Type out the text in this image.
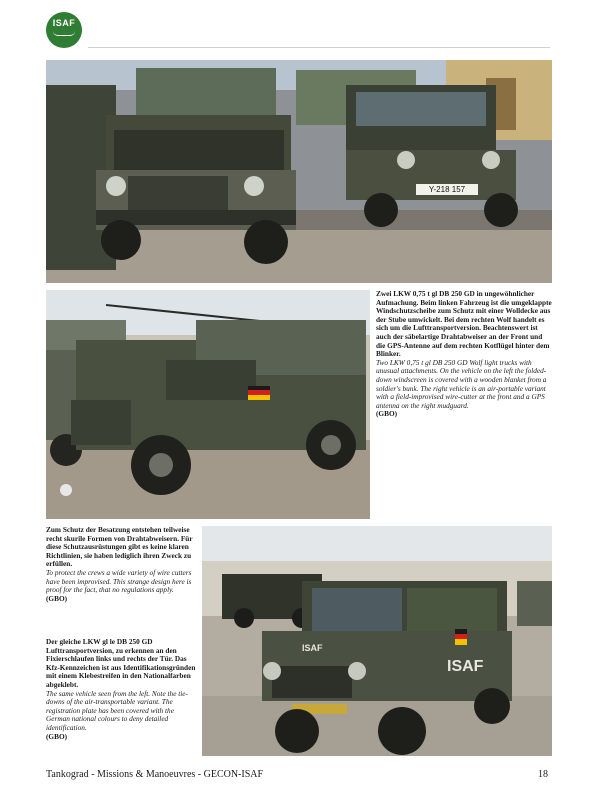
ISAF
Y-218 157
ISAF
ISAF

Zwei LKW 0,75 t gl DB 250 GD in ungewöhnlicher Aufmachung. Beim linken Fahrzeug ist die umgeklappte Windschutzscheibe zum Schutz mit einer Wolldecke aus der Stube umwickelt. Bei dem rechten Wolf handelt es sich um die Lufttransportversion. Beachtenswert ist auch der säbelartige Drahtabweiser an der Front und die GPS-Antenne auf dem rechten Kotflügel hinter dem Blinker.

Two LKW 0,75 t gl DB 250 GD Wolf light trucks with unusual attachments. On the vehicle on the left the folded-down windscreen is covered with a wooden blanket from a soldier's bunk. The right vehicle is an air-portable variant with a field-improvised wire-cutter at the front and a GPS antenna on the right mudguard.

(GBO)

Zum Schutz der Besatzung entstehen teilweise recht skurile Formen von Drahtabweisern. Für diese Schutzausrüstungen gibt es keine klaren Richtlinien, sie haben lediglich ihren Zweck zu erfüllen.

To protect the crews a wide variety of wire cutters have been improvised. This strange design here is proof for the fact, that no regulations apply.

(GBO)

Der gleiche LKW gl le DB 250 GD Lufttransportversion, zu erkennen an den Fixierschlaufen links und rechts der Tür. Das Kfz-Kennzeichen ist aus Identifikationsgründen mit einem Klebestreifen in den Nationalfarben abgeklebt.

The same vehicle seen from the left. Note the tie-downs of the air-transportable variant. The registration plate has been covered with the German national colours to deny detailed identification.

(GBO)

Tankograd - Missions & Manoeuvres - GECON-ISAF	18
